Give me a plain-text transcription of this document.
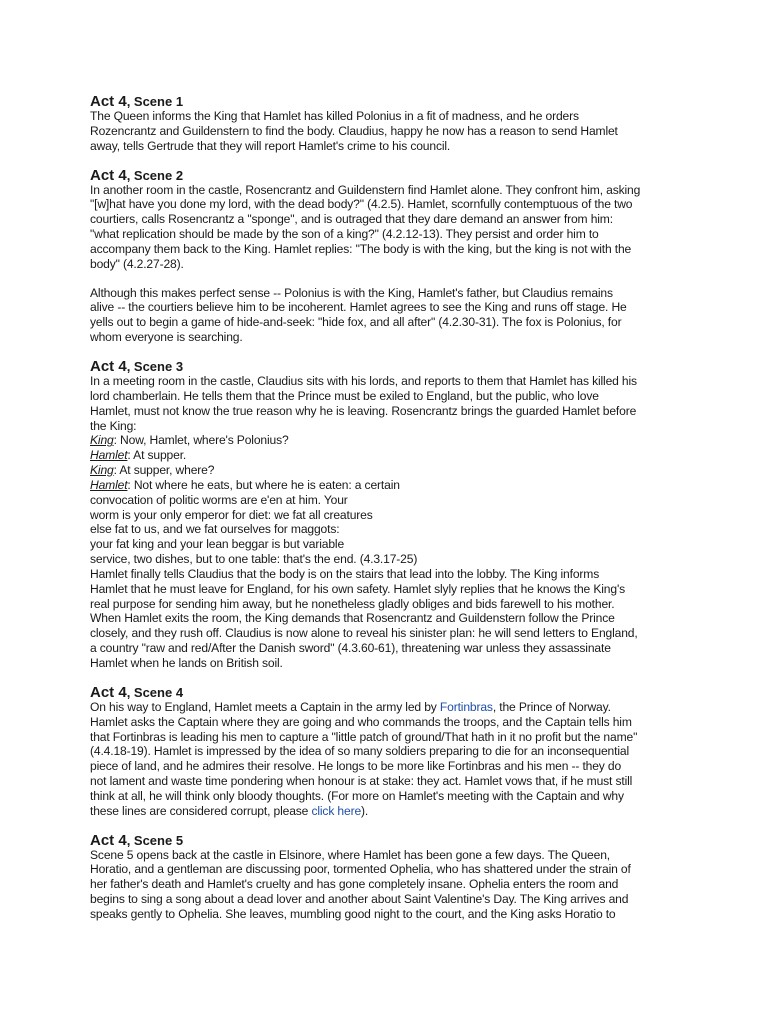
Act 4, Scene 1

The Queen informs the King that Hamlet has killed Polonius in a fit of madness, and he orders
Rozencrantz and Guildenstern to find the body. Claudius, happy he now has a reason to send Hamlet
away, tells Gertrude that they will report Hamlet's crime to his council.

Act 4, Scene 2

In another room in the castle, Rosencrantz and Guildenstern find Hamlet alone. They confront him, asking
"[w]hat have you done my lord, with the dead body?" (4.2.5). Hamlet, scornfully contemptuous of the two
courtiers, calls Rosencrantz a "sponge", and is outraged that they dare demand an answer from him:
"what replication should be made by the son of a king?" (4.2.12-13). They persist and order him to
accompany them back to the King. Hamlet replies: "The body is with the king, but the king is not with the
body" (4.2.27-28).

Although this makes perfect sense -- Polonius is with the King, Hamlet's father, but Claudius remains
alive -- the courtiers believe him to be incoherent. Hamlet agrees to see the King and runs off stage. He
yells out to begin a game of hide-and-seek: "hide fox, and all after" (4.2.30-31). The fox is Polonius, for
whom everyone is searching.

Act 4, Scene 3

In a meeting room in the castle, Claudius sits with his lords, and reports to them that Hamlet has killed his
lord chamberlain. He tells them that the Prince must be exiled to England, but the public, who love
Hamlet, must not know the true reason why he is leaving. Rosencrantz brings the guarded Hamlet before
the King:
King: Now, Hamlet, where's Polonius?
Hamlet: At supper.
King: At supper, where?
Hamlet: Not where he eats, but where he is eaten: a certain
convocation of politic worms are e'en at him. Your
worm is your only emperor for diet: we fat all creatures
else fat to us, and we fat ourselves for maggots:
your fat king and your lean beggar is but variable
service, two dishes, but to one table: that's the end. (4.3.17-25)
Hamlet finally tells Claudius that the body is on the stairs that lead into the lobby. The King informs
Hamlet that he must leave for England, for his own safety. Hamlet slyly replies that he knows the King's
real purpose for sending him away, but he nonetheless gladly obliges and bids farewell to his mother.
When Hamlet exits the room, the King demands that Rosencrantz and Guildenstern follow the Prince
closely, and they rush off. Claudius is now alone to reveal his sinister plan: he will send letters to England,
a country "raw and red/After the Danish sword" (4.3.60-61), threatening war unless they assassinate
Hamlet when he lands on British soil.

Act 4, Scene 4

On his way to England, Hamlet meets a Captain in the army led by Fortinbras, the Prince of Norway.
Hamlet asks the Captain where they are going and who commands the troops, and the Captain tells him
that Fortinbras is leading his men to capture a "little patch of ground/That hath in it no profit but the name"
(4.4.18-19). Hamlet is impressed by the idea of so many soldiers preparing to die for an inconsequential
piece of land, and he admires their resolve. He longs to be more like Fortinbras and his men -- they do
not lament and waste time pondering when honour is at stake: they act. Hamlet vows that, if he must still
think at all, he will think only bloody thoughts. (For more on Hamlet's meeting with the Captain and why
these lines are considered corrupt, please click here).

Act 4, Scene 5

Scene 5 opens back at the castle in Elsinore, where Hamlet has been gone a few days. The Queen,
Horatio, and a gentleman are discussing poor, tormented Ophelia, who has shattered under the strain of
her father's death and Hamlet's cruelty and has gone completely insane. Ophelia enters the room and
begins to sing a song about a dead lover and another about Saint Valentine's Day. The King arrives and
speaks gently to Ophelia. She leaves, mumbling good night to the court, and the King asks Horatio to
